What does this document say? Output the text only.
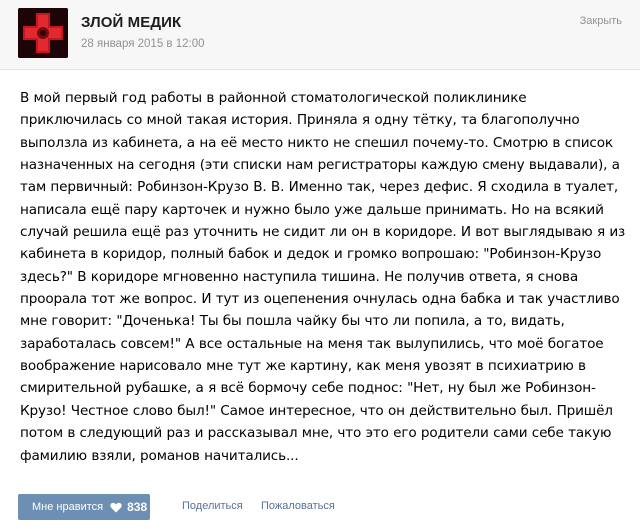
ЗЛОЙ МЕДИК
28 января 2015 в 12:00
Закрыть
В мой первый год работы в районной стоматологической поликлинике приключилась со мной такая история. Приняла я одну тётку, та благополучно выползла из кабинета, а на её место никто не спешил почему-то. Смотрю в список назначенных на сегодня (эти списки нам регистраторы каждую смену выдавали), а там первичный: Робинзон-Крузо В. В. Именно так, через дефис. Я сходила в туалет, написала ещё пару карточек и нужно было уже дальше принимать. Но на всякий случай решила ещё раз уточнить не сидит ли он в коридоре. И вот выглядываю я из кабинета в коридор, полный бабок и дедок и громко вопрошаю: "Робинзон-Крузо здесь?" В коридоре мгновенно наступила тишина. Не получив ответа, я снова проорала тот же вопрос. И тут из оцепенения очнулась одна бабка и так участливо мне говорит: "Доченька! Ты бы пошла чайку бы что ли попила, а то, видать, заработалась совсем!" А все остальные на меня так вылупились, что моё богатое воображение нарисовало мне тут же картину, как меня увозят в психиатрию в смирительной рубашке, а я всё бормочу себе поднос: "Нет, ну был же Робинзон-Крузо! Честное слово был!" Самое интересное, что он действительно был. Пришёл потом в следующий раз и рассказывал мне, что это его родители сами себе такую фамилию взяли, романов начитались...
Мне нравится 838	Поделиться Пожаловаться
